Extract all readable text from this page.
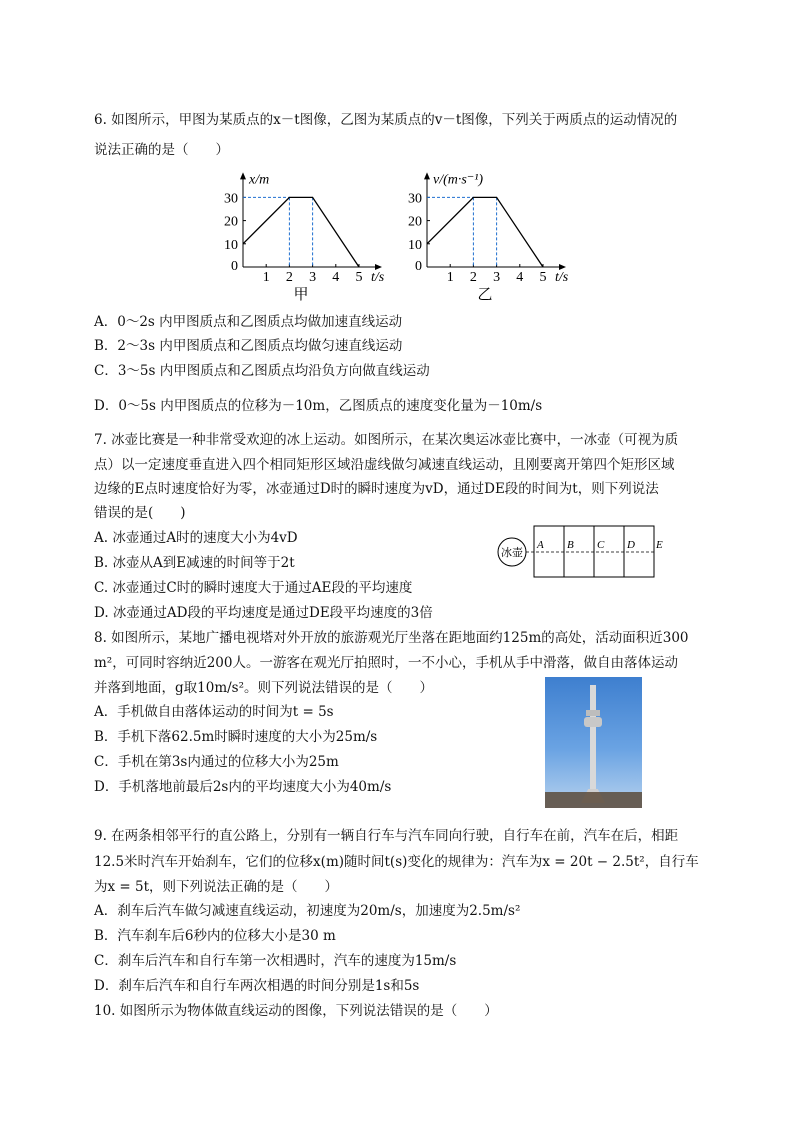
6. 如图所示，甲图为某质点的x－t图像，乙图为某质点的v－t图像，下列关于两质点的运动情况的
说法正确的是（　　）
1 2 3 4 5
0
10
20
30
x/m
t/s
甲
1 2 3 4 5
0
10
20
30
v/(m·s⁻¹)
t/s
乙
A．0～2s 内甲图质点和乙图质点均做加速直线运动
B．2～3s 内甲图质点和乙图质点均做匀速直线运动
C．3～5s 内甲图质点和乙图质点均沿负方向做直线运动
D．0～5s 内甲图质点的位移为－10m，乙图质点的速度变化量为－10m/s
7. 冰壶比赛是一种非常受欢迎的冰上运动。如图所示，在某次奥运冰壶比赛中，一冰壶（可视为质
点）以一定速度垂直进入四个相同矩形区域沿虚线做匀减速直线运动，且刚要离开第四个矩形区域
边缘的E点时速度恰好为零，冰壶通过D时的瞬时速度为vD，通过DE段的时间为t，则下列说法
错误的是(　　)
A. 冰壶通过A时的速度大小为4vD
B. 冰壶从A到E减速的时间等于2t
C. 冰壶通过C时的瞬时速度大于通过AE段的平均速度
D. 冰壶通过AD段的平均速度是通过DE段平均速度的3倍
冰壶
A B C D E
8. 如图所示，某地广播电视塔对外开放的旅游观光厅坐落在距地面约125m的高处，活动面积近300
m²，可同时容纳近200人。一游客在观光厅拍照时，一不小心，手机从手中滑落，做自由落体运动
并落到地面，g取10m/s²。则下列说法错误的是（　　）
A．手机做自由落体运动的时间为t = 5s
B．手机下落62.5m时瞬时速度的大小为25m/s
C．手机在第3s内通过的位移大小为25m
D．手机落地前最后2s内的平均速度大小为40m/s
9. 在两条相邻平行的直公路上，分别有一辆自行车与汽车同向行驶，自行车在前，汽车在后，相距
12.5米时汽车开始刹车，它们的位移x(m)随时间t(s)变化的规律为：汽车为x = 20t − 2.5t²，自行车
为x = 5t，则下列说法正确的是（　　）
A．刹车后汽车做匀减速直线运动，初速度为20m/s，加速度为2.5m/s²
B．汽车刹车后6秒内的位移大小是30 m
C．刹车后汽车和自行车第一次相遇时，汽车的速度为15m/s
D．刹车后汽车和自行车两次相遇的时间分别是1s和5s
10. 如图所示为物体做直线运动的图像，下列说法错误的是（　　）
